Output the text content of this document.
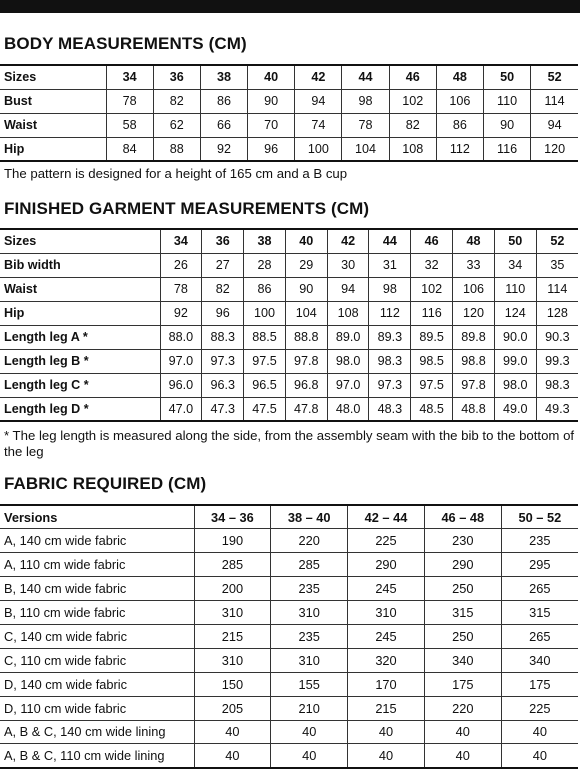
BODY MEASUREMENTS (CM)
Sizes	34	36	38	40	42	44	46	48	50	52
Bust	78	82	86	90	94	98	102	106	110	114
Waist	58	62	66	70	74	78	82	86	90	94
Hip	84	88	92	96	100	104	108	112	116	120

The pattern is designed for a height of 165 cm and a B cup

FINISHED GARMENT MEASUREMENTS (CM)
Sizes	34	36	38	40	42	44	46	48	50	52
Bib width	26	27	28	29	30	31	32	33	34	35
Waist	78	82	86	90	94	98	102	106	110	114
Hip	92	96	100	104	108	112	116	120	124	128
Length leg A *	88.0	88.3	88.5	88.8	89.0	89.3	89.5	89.8	90.0	90.3
Length leg B *	97.0	97.3	97.5	97.8	98.0	98.3	98.5	98.8	99.0	99.3
Length leg C *	96.0	96.3	96.5	96.8	97.0	97.3	97.5	97.8	98.0	98.3
Length leg D *	47.0	47.3	47.5	47.8	48.0	48.3	48.5	48.8	49.0	49.3

* The leg length is measured along the side, from the assembly seam with the bib to the bottom of the leg

FABRIC REQUIRED (CM)
Versions	34 – 36	38 – 40	42 – 44	46 – 48	50 – 52
A, 140 cm wide fabric	190	220	225	230	235
A, 110 cm wide fabric	285	285	290	290	295
B, 140 cm wide fabric	200	235	245	250	265
B, 110 cm wide fabric	310	310	310	315	315
C, 140 cm wide fabric	215	235	245	250	265
C, 110 cm wide fabric	310	310	320	340	340
D, 140 cm wide fabric	150	155	170	175	175
D, 110 cm wide fabric	205	210	215	220	225
A, B & C, 140 cm wide lining	40	40	40	40	40
A, B & C, 110 cm wide lining	40	40	40	40	40
